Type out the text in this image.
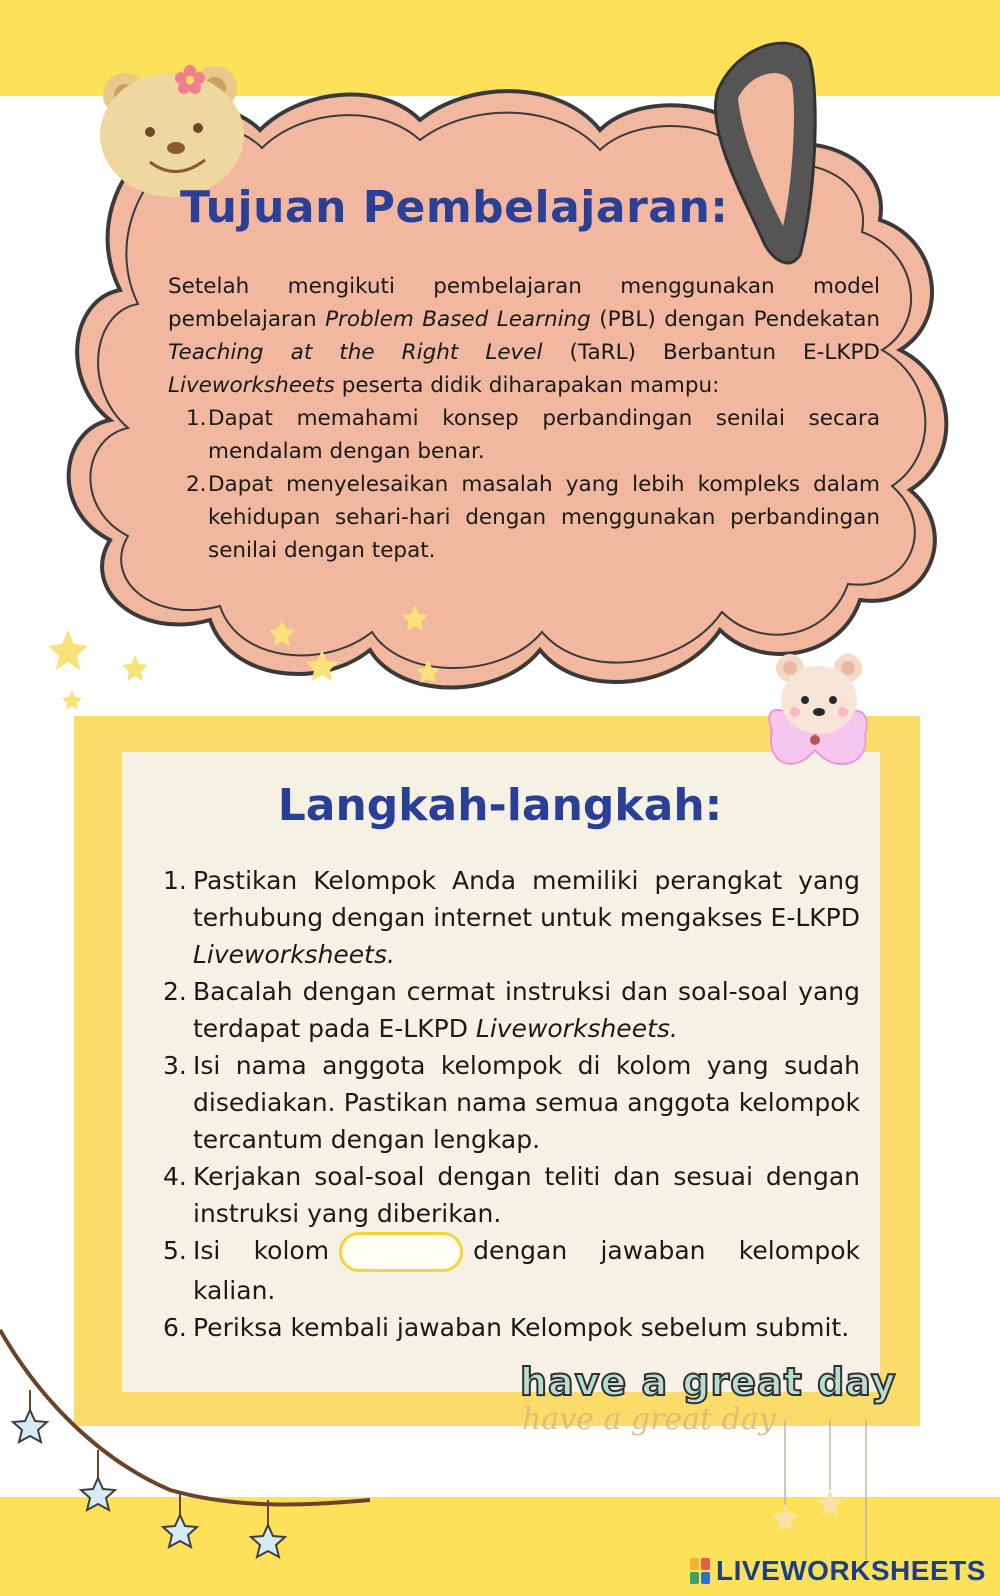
Tujuan Pembelajaran:
Setelah mengikuti pembelajaran menggunakan model pembelajaran Problem Based Learning (PBL) dengan Pendekatan Teaching at the Right Level (TaRL) Berbantun E-LKPD Liveworksheets peserta didik diharapakan mampu:
1. Dapat memahami konsep perbandingan senilai secara mendalam dengan benar.
2. Dapat menyelesaikan masalah yang lebih kompleks dalam kehidupan sehari-hari dengan menggunakan perbandingan senilai dengan tepat.
Langkah-langkah:
1. Pastikan Kelompok Anda memiliki perangkat yang terhubung dengan internet untuk mengakses E-LKPD Liveworksheets.
2. Bacalah dengan cermat instruksi dan soal-soal yang terdapat pada E-LKPD Liveworksheets.
3. Isi nama anggota kelompok di kolom yang sudah disediakan. Pastikan nama semua anggota kelompok tercantum dengan lengkap.
4. Kerjakan soal-soal dengan teliti dan sesuai dengan instruksi yang diberikan.
5. Isi kolom	dengan jawaban kelompok kalian.
6. Periksa kembali jawaban Kelompok sebelum submit.
have a great day
have a great day
LIVEWORKSHEETS
